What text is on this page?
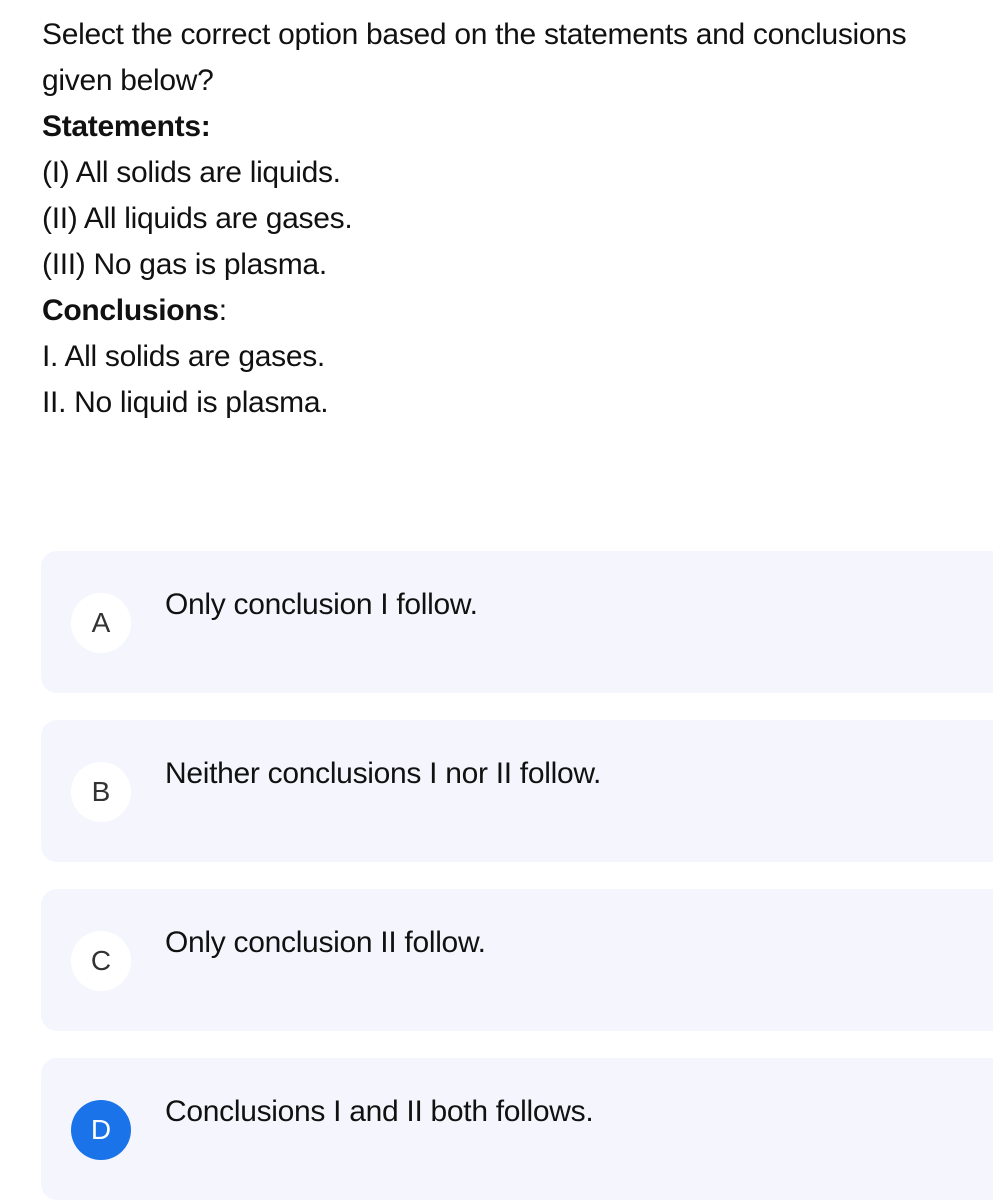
Select the correct option based on the statements and conclusions
given below?
Statements:
(I) All solids are liquids.
(II) All liquids are gases.
(III) No gas is plasma.
Conclusions:
I. All solids are gases.
II. No liquid is plasma.
A
Only conclusion I follow.
B
Neither conclusions I nor II follow.
C
Only conclusion II follow.
D
Conclusions I and II both follows.
